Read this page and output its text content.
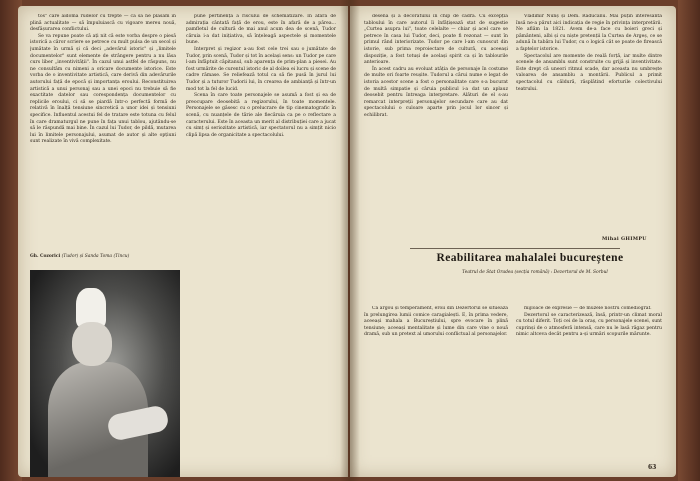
tos" care aidoma rudelor cu trepte — ca să ne plasăm în plină actualitate — să împuluiască cu vigoare mereu nouă, desfășurarea conflictului.

Se va repune poate că ați nit că este vorba despre o piesă istorică a căror scriere se petrece cu mult pulsa de un secol și jumătate în urmă și că deci „adevărul istoric" și „limitele documentelor" sunt elemente de strângere pentru a nu lăsa curs liber „inventivității". În cazul unui astfel de răspuns, nu ne consultăm cu nimeni a oricare documente istorice. Este vorba de o inventivitate artistică, care derivă din adevărurile autorului față de epocă și importanța eroului. Reconstituirea artistică a unui personaj sau a unei epoci nu trebuie să fie exactitate datelor sau corespondența documentelor cu replicile eroului, ci să se piardă într-o perfectă formă de relativă în înalță tensiune sincretică a unor idei și tensiuni specifice. Influentul acestui fel de tratare este totuna cu felul în care dramaturgul ne pune în fața unui tablou, ajutându-se să le răspundă mai bine. În cazul lui Tudor, de pildă, mutarea lui în limitele personajului, asumat de autor și alte opțiuni sunt realizate în vivă complexitate.

Gh. Cozorici (Tudor) și Sanda Toma (Tincu)

pune pertinența a riscului de schematizare. În afara de admirația cântată față de erou, este în afară de a părea... pamfletul de cultură de mai anul acum dea de scenă, Tudor căruia i-a dat inițiativa, să înțeleagă aspectele și momentele bune.

Interpret și regizor a-au fost cele trei sau o jumătate de Tudor, prin scenă, Tudor și tot în același sens: un Tudor pe care l-am înfăptuit căpitanul, sub aparența de prim-plan a piesei. Au fost urmărite de curentul istoric de al doilea ei lucru și scene de cadre rămase. Se reliefează totul ca să fie pusă în jurul lui Tudor și a tuturor Tudorii lui, în crearea de ambianță și într-un mod tot la fel de lucid.

Scena în care toate personajele se asumă a fost și ea de preocupare deosebită a regizorului, în toate momentele. Personajele se găsesc cu o prelucrare de tip cinematografic în scenă, cu nuanțele de tărie ale fiecăruia ca pe o reflectare a caracterului. Este în aceasta un merit al distribuției care a jucat cu simț și seriozitate artistică, iar spectatorul nu a simțit nicio clipă lipsa de organicitate a spectacolului.

desena și a decoratului în chip de cadra. Cu excepția tabloului în care autorul îi înfățișează stat de sugestie „Curtea asupra lui", toate celelalte — chiar și acel care se petrece în casa lui Tudor, deci, poate fi rezonat — sunt în primul rând interiorizate. Tudor pe care l-am cunoscut din istorie, sub prima reproiectare de cultură, cu aceeași dispoziție, a fost totuși de același spirit ca și în tablourile anterioare.

În acest cadru au evoluat atâția de personaje în costume de multe ori foarte reușite. Tudorul a cărui nume e legat de istoria acestor scene a fost o personalitate care s-a bucurat de multă simpatie și căruia publicul i-a dat un aplauz deosebit pentru întreaga interpretare. Alături de el s-au remarcat interpreții personajelor secundare care au dat spectacolului o culoare aparte prin jocul lor sincer și echilibrat.

Vladimir Nunș și Dem. Răducanu. Mai puțin interesantă însă ne-a părut aici indicația de regie în privința interpretării. Ne aflăm la 1821. Avem de-a face cu boieri greci și pământeni, albi și cu niște pretenții la Curtea de Argeș, ce se adună în tabăra lui Tudor, cu o logică cât se poate de firească a faptelor istorice.

Spectacolul are momente de reală forță, iar multe dintre scenele de ansamblu sunt construite cu grijă și inventivitate. Este drept că uneori ritmul scade, dar aceasta nu umbrește valoarea de ansamblu a montării. Publicul a primit spectacolul cu căldură, răsplătind eforturile colectivului teatrului.

Mihai GHIMPU

Ca argou și temperament, eroii din Dezertorul se situează în prelungirea lumii comice caragialești. E, în prima vedere, aceeași mahala a Bucureștiului, spre evocare în plină tensiune; aceeași mentalitate și lume din care vine o nouă dramă, sub un pretext al umorului conflictual al personajelor.

mijloace de expresie — de muzele nostru comediograf.

Dezertorul se caracterizează, însă, printr-un climat moral cu totul diferit. Toți cei de la oraș, cu personajele scenei, sunt cuprinși de o atmosferă intensă, care nu le lasă răgaz pentru nimic altceva decât pentru a-și urmări scopurile mărunte.

63
Reabilitarea mahalalei bucureștene
Teatrul de Stat Oradea (secția română) : Dezertorul de M. Sorbul
